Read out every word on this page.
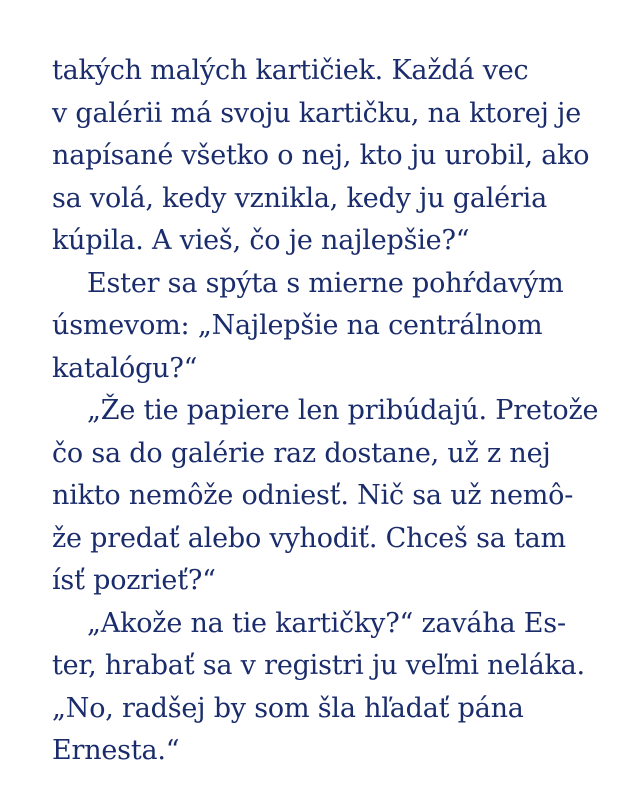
takých malých kartičiek. Každá vec
v galérii má svoju kartičku, na ktorej je
napísané všetko o nej, kto ju urobil, ako
sa volá, kedy vznikla, kedy ju galéria
kúpila. A vieš, čo je najlepšie?“
Ester sa spýta s mierne pohŕdavým
úsmevom: „Najlepšie na centrálnom
katalógu?“
„Že tie papiere len pribúdajú. Pretože
čo sa do galérie raz dostane, už z nej
nikto nemôže odniesť. Nič sa už nemô-
že predať alebo vyhodiť. Chceš sa tam
ísť pozrieť?“
„Akože na tie kartičky?“ zaváha Es-
ter, hrabať sa v registri ju veľmi neláka.
„No, radšej by som šla hľadať pána
Ernesta.“
